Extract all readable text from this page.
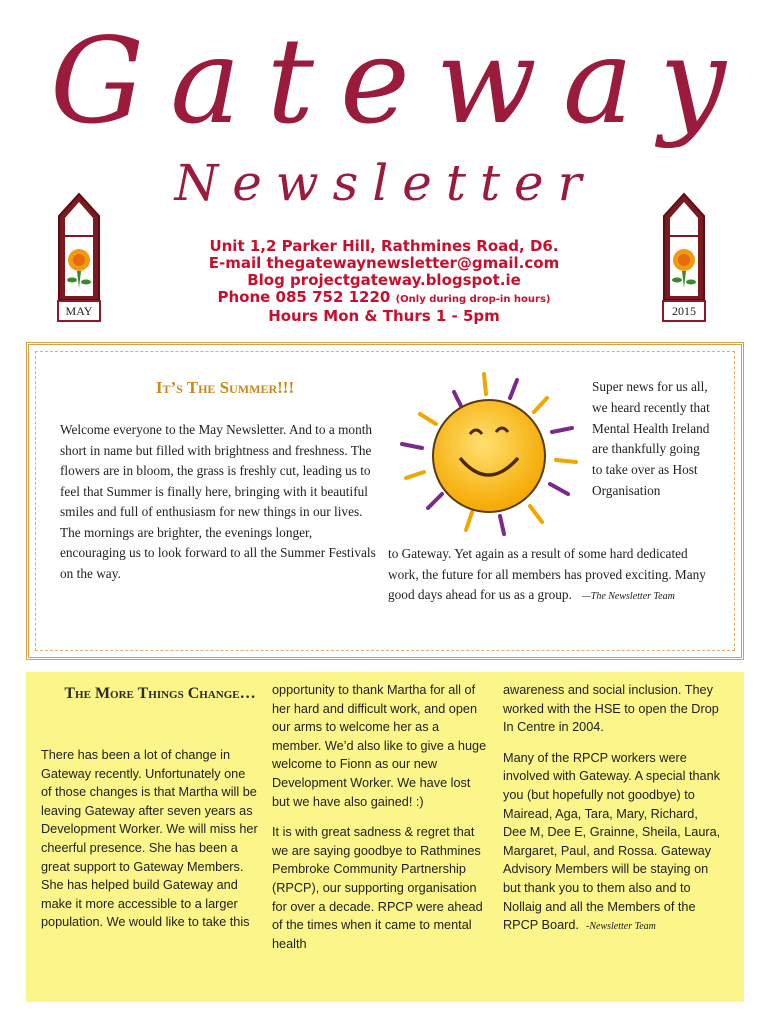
Gateway
Newsletter
MAY	2015
Unit 1,2 Parker Hill, Rathmines Road, D6.
E-mail thegatewaynewsletter@gmail.com
Blog projectgateway.blogspot.ie
Phone 085 752 1220 (Only during drop-in hours)
Hours Mon & Thurs 1 - 5pm
It’s The Summer!!!
Welcome everyone to the May Newsletter. And to a month short in name but filled with brightness and freshness. The flowers are in bloom, the grass is freshly cut, leading us to feel that Summer is finally here, bringing with it beautiful smiles and full of enthusiasm for new things in our lives. The mornings are brighter, the evenings longer, encouraging us to look forward to all the Summer Festivals on the way.
Super news for us all, we heard recently that Mental Health Ireland are thankfully going to take over as Host Organisation
to Gateway. Yet again as a result of some hard dedicated work, the future for all members has proved exciting. Many good days ahead for us as a group. —The Newsletter Team
The More Things Change…

There has been a lot of change in Gateway recently. Unfortunately one of those changes is that Martha will be leaving Gateway after seven years as Development Worker. We will miss her cheerful presence. She has been a great support to Gateway Members. She has helped build Gateway and make it more accessible to a larger population. We would like to take this

opportunity to thank Martha for all of her hard and difficult work, and open our arms to welcome her as a member. We’d also like to give a huge welcome to Fionn as our new Development Worker. We have lost but we have also gained! :)

It is with great sadness & regret that we are saying goodbye to Rathmines Pembroke Community Partnership (RPCP), our supporting organisation for over a decade. RPCP were ahead of the times when it came to mental health

awareness and social inclusion. They worked with the HSE to open the Drop In Centre in 2004.

Many of the RPCP workers were involved with Gateway. A special thank you (but hopefully not goodbye) to Mairead, Aga, Tara, Mary, Richard, Dee M, Dee E, Grainne, Sheila, Laura, Margaret, Paul, and Rossa. Gateway Advisory Members will be staying on but thank you to them also and to Nollaig and all the Members of the RPCP Board. -Newsletter Team
